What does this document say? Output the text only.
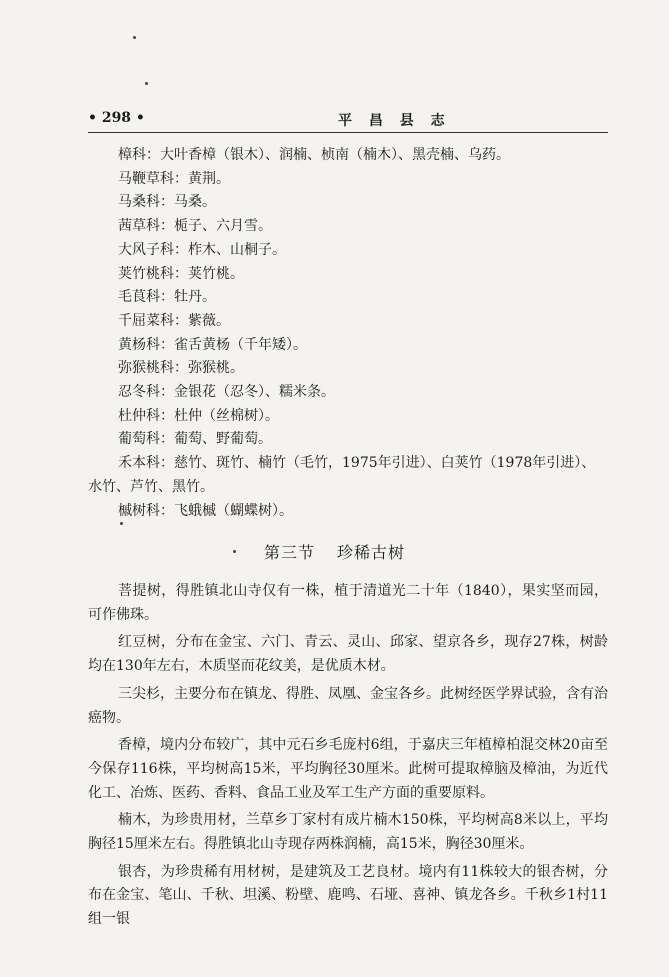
• 298 •	平 昌 县 志
樟科：大叶香樟（银木）、润楠、桢南（楠木）、黑壳楠、乌药。
马鞭草科：黄荆。
马桑科：马桑。
茜草科：栀子、六月雪。
大风子科：柞木、山桐子。
荚竹桃科：荚竹桃。
毛茛科：牡丹。
千屈菜科：紫薇。
黄杨科：雀舌黄杨（千年矮）。
弥猴桃科：弥猴桃。
忍冬科：金银花（忍冬）、糯米条。
杜仲科：杜仲（丝棉树）。
葡萄科：葡萄、野葡萄。
禾本科：慈竹、斑竹、楠竹（毛竹，1975年引进）、白荚竹（1978年引进）、水竹、芦竹、黑竹。
槭树科：飞蛾槭（蝴蝶树）。
第三节 珍稀古树

菩提树，得胜镇北山寺仅有一株，植于清道光二十年（1840），果实坚而园，可作佛珠。

红豆树，分布在金宝、六门、青云、灵山、邱家、望京各乡，现存27株，树龄均在130年左右，木质坚而花纹美，是优质木材。

三尖杉，主要分布在镇龙、得胜、凤凰、金宝各乡。此树经医学界试验，含有治癌物。

香樟，境内分布较广，其中元石乡毛庞村6组，于嘉庆三年植樟柏混交林20亩至今保存116株，平均树高15米，平均胸径30厘米。此树可提取樟脑及樟油，为近代化工、冶炼、医药、香料、食品工业及军工生产方面的重要原料。

楠木，为珍贵用材，兰草乡丁家村有成片楠木150株，平均树高8米以上，平均胸径15厘米左右。得胜镇北山寺现存两株润楠，高15米，胸径30厘米。

银杏，为珍贵稀有用材树，是建筑及工艺良材。境内有11株较大的银杏树，分布在金宝、笔山、千秋、坦溪、粉壁、鹿鸣、石垭、喜神、镇龙各乡。千秋乡1村11组一银
